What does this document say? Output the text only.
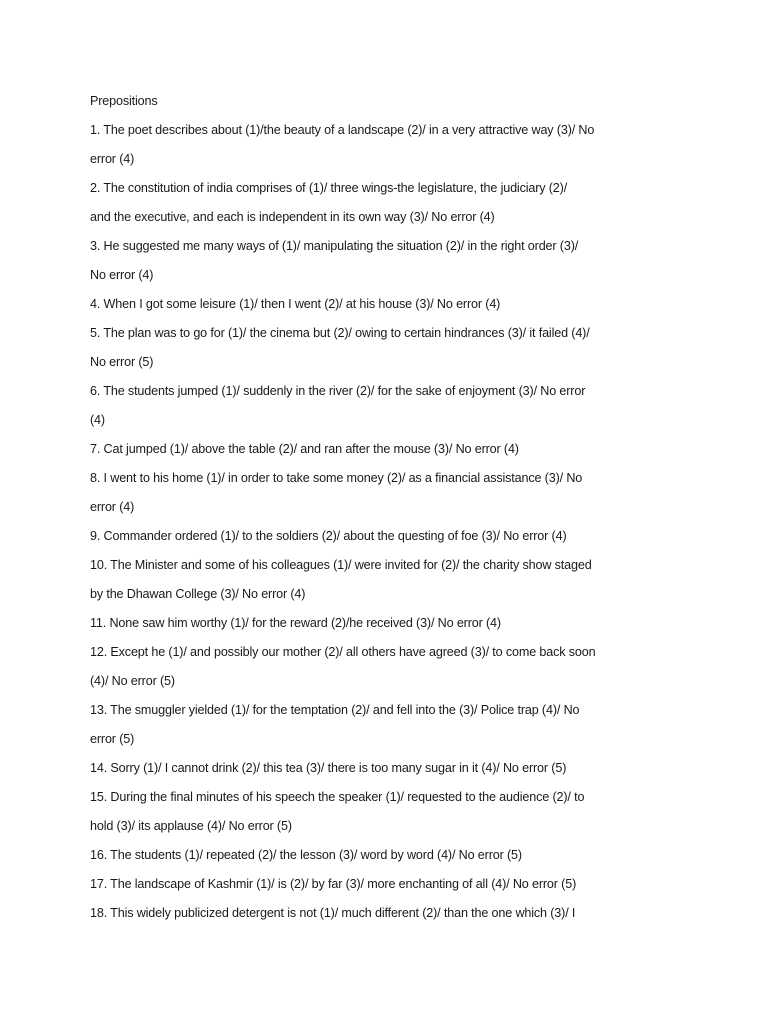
Prepositions
1. The poet describes about (1)/the beauty of a landscape (2)/ in a very attractive way (3)/ No
error (4)
2. The constitution of india comprises of (1)/ three wings-the legislature, the judiciary (2)/
and the executive, and each is independent in its own way (3)/ No error (4)
3. He suggested me many ways of (1)/ manipulating the situation (2)/ in the right order (3)/
No error (4)
4. When I got some leisure (1)/ then I went (2)/ at his house (3)/ No error (4)
5. The plan was to go for (1)/ the cinema but (2)/ owing to certain hindrances (3)/ it failed (4)/
No error (5)
6. The students jumped (1)/ suddenly in the river (2)/ for the sake of enjoyment (3)/ No error
(4)
7. Cat jumped (1)/ above the table (2)/ and ran after the mouse (3)/ No error (4)
8. I went to his home (1)/ in order to take some money (2)/ as a financial assistance (3)/ No
error (4)
9. Commander ordered (1)/ to the soldiers (2)/ about the questing of foe (3)/ No error (4)
10. The Minister and some of his colleagues (1)/ were invited for (2)/ the charity show staged
by the Dhawan College (3)/ No error (4)
11. None saw him worthy (1)/ for the reward (2)/he received (3)/ No error (4)
12. Except he (1)/ and possibly our mother (2)/ all others have agreed (3)/ to come back soon
(4)/ No error (5)
13. The smuggler yielded (1)/ for the temptation (2)/ and fell into the (3)/ Police trap (4)/ No
error (5)
14. Sorry (1)/ I cannot drink (2)/ this tea (3)/ there is too many sugar in it (4)/ No error (5)
15. During the final minutes of his speech the speaker (1)/ requested to the audience (2)/ to
hold (3)/ its applause (4)/ No error (5)
16. The students (1)/ repeated (2)/ the lesson (3)/ word by word (4)/ No error (5)
17. The landscape of Kashmir (1)/ is (2)/ by far (3)/ more enchanting of all (4)/ No error (5)
18. This widely publicized detergent is not (1)/ much different (2)/ than the one which (3)/ I
